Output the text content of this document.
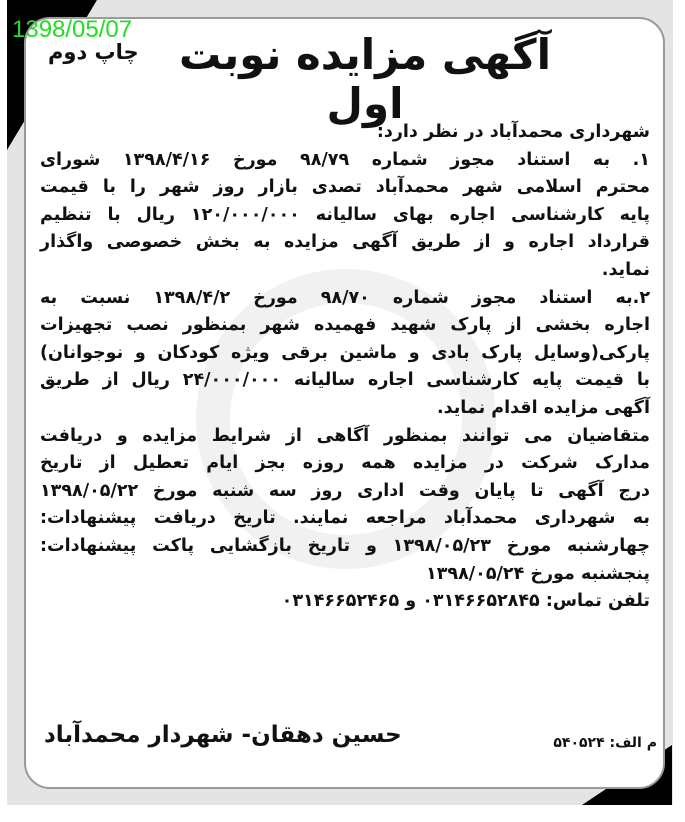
1398/05/07
آگهی مزایده نوبت اول
چاپ دوم
شهرداری محمدآباد در نظر دارد:
۱. به استناد مجوز شماره ۹۸/۷۹ مورخ ۱۳۹۸/۴/۱۶ شورای
محترم اسلامی شهر محمدآباد تصدی بازار روز شهر را با قیمت
پایه کارشناسی اجاره بهای سالیانه ۱۲۰/۰۰۰/۰۰۰ ریال با تنظیم
قرارداد اجاره و از طریق آگهی مزایده به بخش خصوصی واگذار
نماید.
۲.به استناد مجوز شماره ۹۸/۷۰ مورخ ۱۳۹۸/۴/۲ نسبت به
اجاره بخشی از پارک شهید فهمیده شهر بمنظور نصب تجهیزات
پارکی(وسایل پارک بادی و ماشین برقی ویژه کودکان و نوجوانان)
با قیمت پایه کارشناسی اجاره سالیانه ۲۴/۰۰۰/۰۰۰ ریال از طریق
آگهی مزایده اقدام نماید.
متقاضیان می توانند بمنظور آگاهی از شرایط مزایده و دریافت
مدارک شرکت در مزایده همه روزه بجز ایام تعطیل از تاریخ
درج آگهی تا پایان وقت اداری روز سه شنبه مورخ ۱۳۹۸/۰۵/۲۲
به شهرداری محمدآباد مراجعه نمایند. تاریخ دریافت پیشنهادات:
چهارشنبه مورخ ۱۳۹۸/۰۵/۲۳ و تاریخ بازگشایی پاکت پیشنهادات:
پنجشنبه مورخ ۱۳۹۸/۰۵/۲۴
تلفن تماس: ۰۳۱۴۶۶۵۲۸۴۵ و ۰۳۱۴۶۶۵۲۴۶۵
م الف: ۵۴۰۵۲۴
حسین دهقان- شهردار محمدآباد
